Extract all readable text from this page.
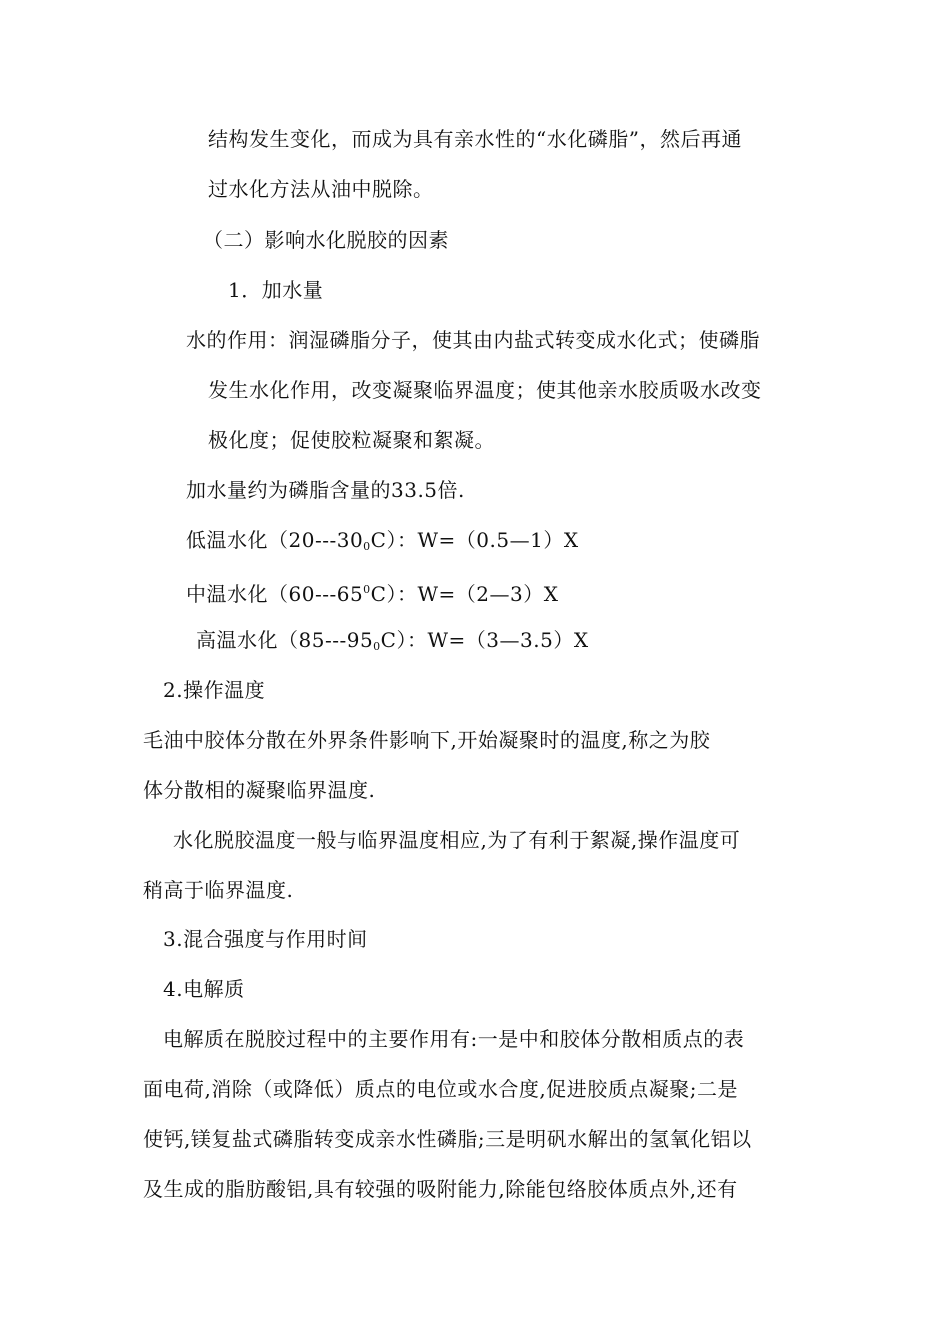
结构发生变化，而成为具有亲水性的“水化磷脂”，然后再通
过水化方法从油中脱除。
（二）影响水化脱胶的因素
1．加水量
水的作用：润湿磷脂分子，使其由内盐式转变成水化式；使磷脂
发生水化作用，改变凝聚临界温度；使其他亲水胶质吸水改变
极化度；促使胶粒凝聚和絮凝。
加水量约为磷脂含量的33.5倍.
低温水化$(20---30_0C)$：W=（0.5—1）X
中温水化$(60---65^0C)$：W=（2—3）X
高温水化$(85---95_0C)$：W=（3—3.5）X
2.操作温度
毛油中胶体分散在外界条件影响下,开始凝聚时的温度,称之为胶
体分散相的凝聚临界温度.
水化脱胶温度一般与临界温度相应,为了有利于絮凝,操作温度可
稍高于临界温度.
3.混合强度与作用时间
4.电解质
电解质在脱胶过程中的主要作用有:一是中和胶体分散相质点的表
面电荷,消除（或降低）质点的电位或水合度,促进胶质点凝聚;二是
使钙,镁复盐式磷脂转变成亲水性磷脂;三是明矾水解出的氢氧化铝以
及生成的脂肪酸铝,具有较强的吸附能力,除能包络胶体质点外,还有
